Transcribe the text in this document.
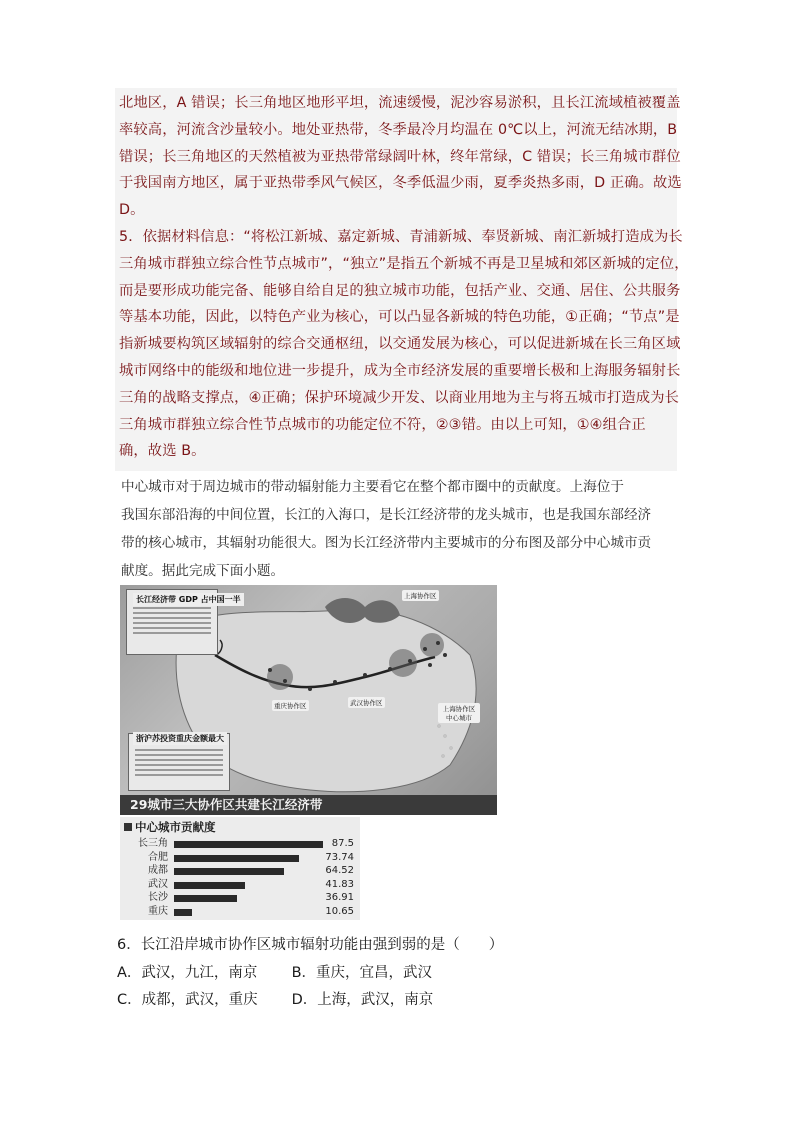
北地区，A 错误；长三角地区地形平坦，流速缓慢，泥沙容易淤积，且长江流域植被覆盖
率较高，河流含沙量较小。地处亚热带，冬季最冷月均温在 0℃以上，河流无结冰期，B
错误；长三角地区的天然植被为亚热带常绿阔叶林，终年常绿，C 错误；长三角城市群位
于我国南方地区，属于亚热带季风气候区，冬季低温少雨，夏季炎热多雨，D 正确。故选
D。
5．依据材料信息：“将松江新城、嘉定新城、青浦新城、奉贤新城、南汇新城打造成为长
三角城市群独立综合性节点城市”，“独立”是指五个新城不再是卫星城和郊区新城的定位，
而是要形成功能完备、能够自给自足的独立城市功能，包括产业、交通、居住、公共服务
等基本功能，因此，以特色产业为核心，可以凸显各新城的特色功能，①正确；“节点”是
指新城要构筑区域辐射的综合交通枢纽，以交通发展为核心，可以促进新城在长三角区域
城市网络中的能级和地位进一步提升，成为全市经济发展的重要增长极和上海服务辐射长
三角的战略支撑点，④正确；保护环境减少开发、以商业用地为主与将五城市打造成为长
三角城市群独立综合性节点城市的功能定位不符，②③错。由以上可知，①④组合正
确，故选 B。
中心城市对于周边城市的带动辐射能力主要看它在整个都市圈中的贡献度。上海位于
我国东部沿海的中间位置，长江的入海口，是长江经济带的龙头城市，也是我国东部经济
带的核心城市，其辐射功能很大。图为长江经济带内主要城市的分布图及部分中心城市贡
献度。据此完成下面小题。
长江经济带 GDP 占中国一半
浙沪苏投资重庆金额最大
上海协作区
上海协作区中心城市
武汉协作区
重庆协作区
29城市三大协作区共建长江经济带
中心城市贡献度
长三角	87.5
合肥	73.74
成都	64.52
武汉	41.83
长沙	36.91
重庆	10.65
6．长江沿岸城市协作区城市辐射功能由强到弱的是（　　）
A．武汉，九江，南京 B．重庆，宜昌，武汉
C．成都，武汉，重庆 D．上海，武汉，南京
